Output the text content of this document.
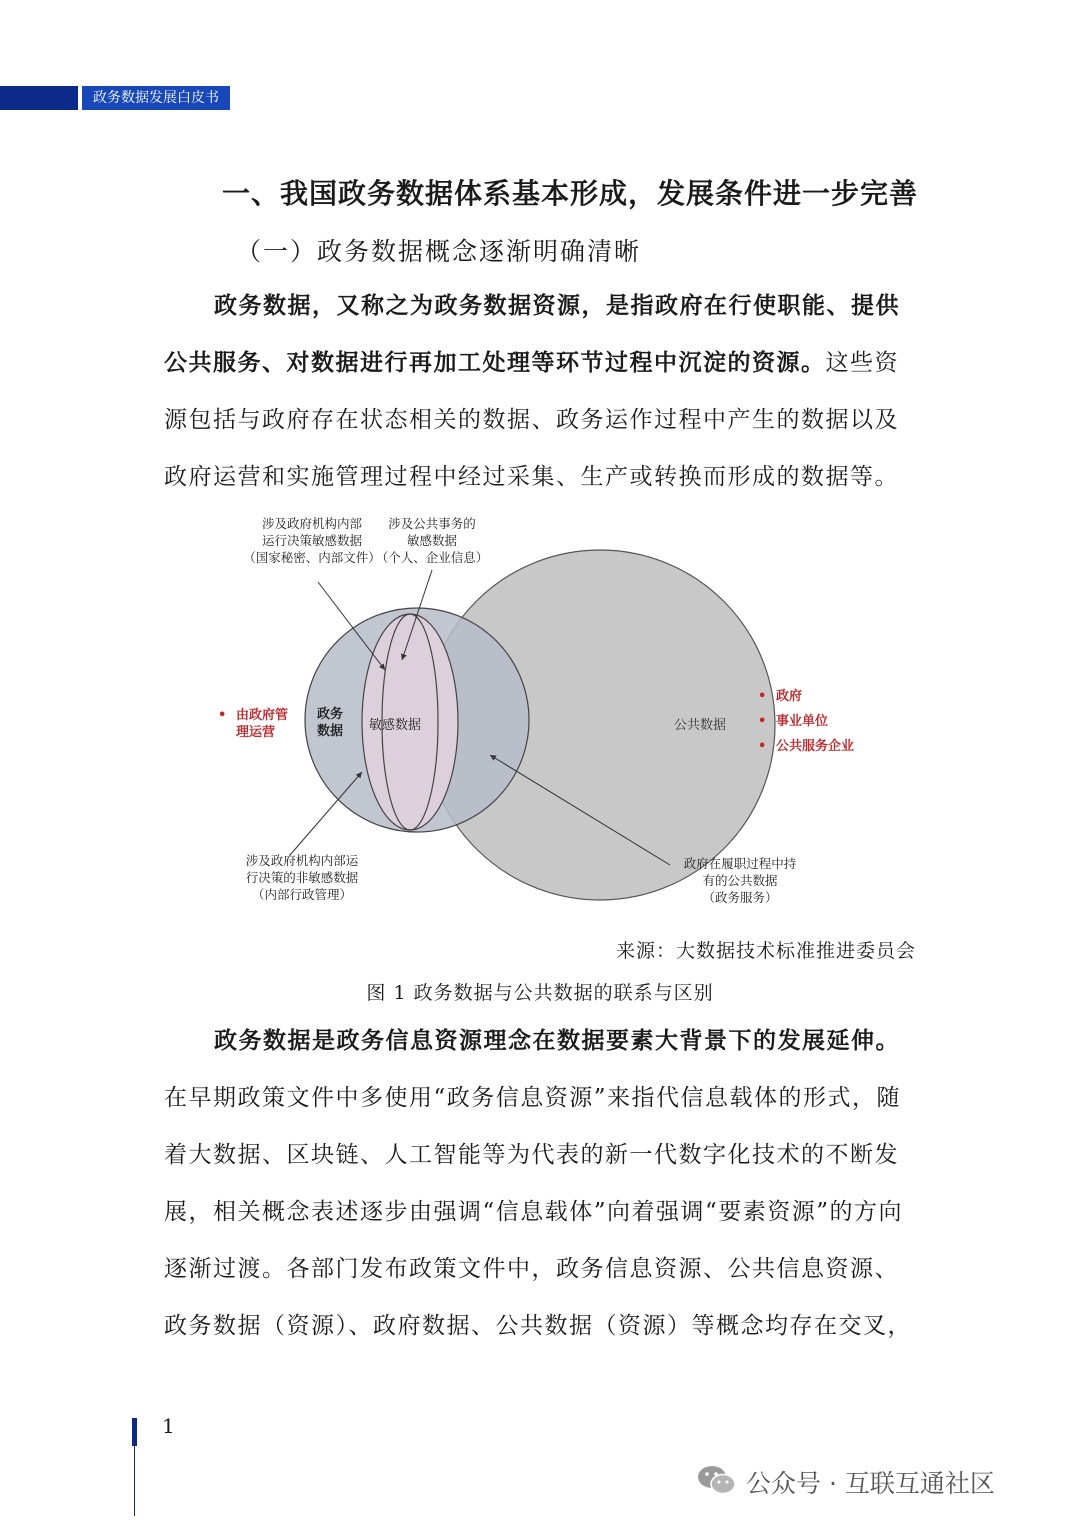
政务数据发展白皮书
一、我国政务数据体系基本形成，发展条件进一步完善
（一）政务数据概念逐渐明确清晰
政务数据，又称之为政务数据资源，是指政府在行使职能、提供公共服务、对数据进行再加工处理等环节过程中沉淀的资源。这些资源包括与政府存在状态相关的数据、政务运作过程中产生的数据以及政府运营和实施管理过程中经过采集、生产或转换而形成的数据等。
涉及政府机构内部运行决策敏感数据（国家秘密、内部文件）
涉及公共事务的敏感数据（个人、企业信息）
涉及政府机构内部运行决策的非敏感数据（内部行政管理）
政府在履职过程中持有的公共数据（政务服务）
政务数据 敏感数据	公共数据
• 由政府管理运营
• 政府
• 事业单位
• 公共服务企业
来源：大数据技术标准推进委员会
图 1 政务数据与公共数据的联系与区别
政务数据是政务信息资源理念在数据要素大背景下的发展延伸。在早期政策文件中多使用“政务信息资源”来指代信息载体的形式，随着大数据、区块链、人工智能等为代表的新一代数字化技术的不断发展，相关概念表述逐步由强调“信息载体”向着强调“要素资源”的方向逐渐过渡。各部门发布政策文件中，政务信息资源、公共信息资源、政务数据（资源）、政府数据、公共数据（资源）等概念均存在交叉，
1
公众号 · 互联互通社区
